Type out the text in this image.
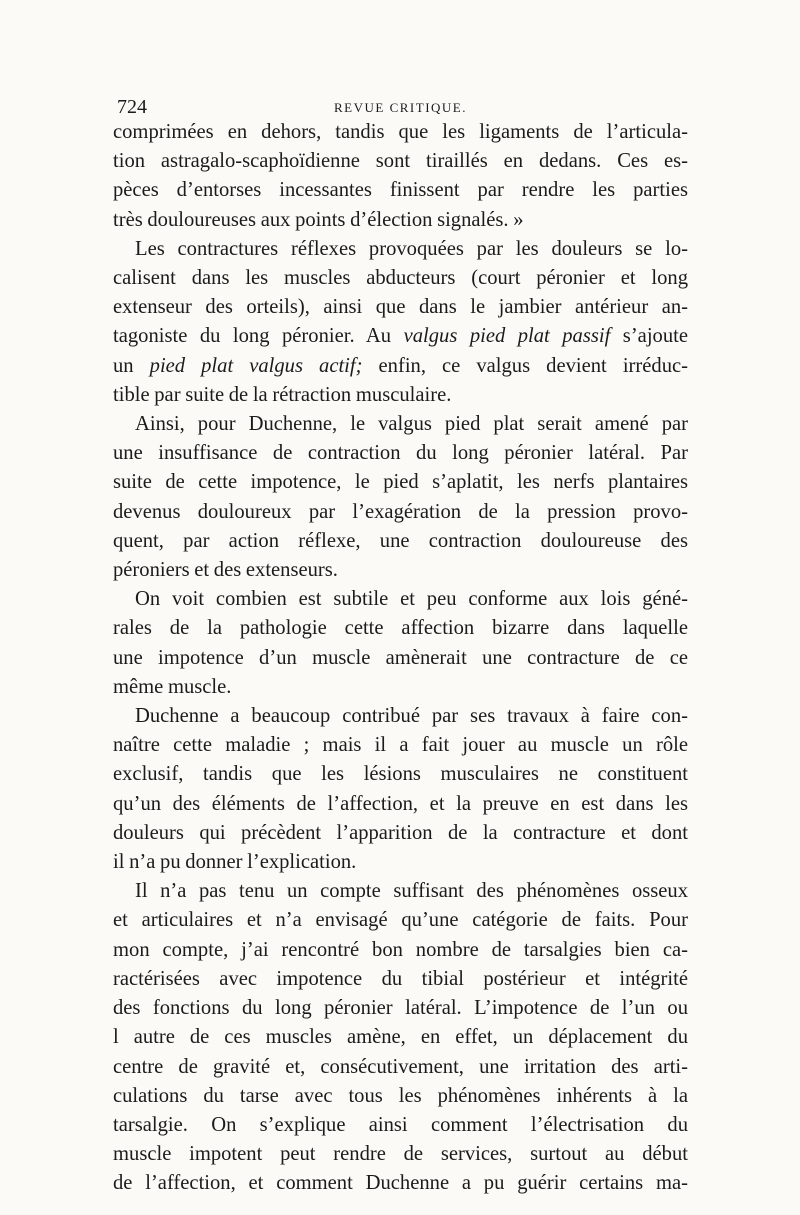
724	REVUE CRITIQUE.
comprimées en dehors, tandis que les ligaments de l’articula-
tion astragalo-scaphoïdienne sont tiraillés en dedans. Ces es-
pèces d’entorses incessantes finissent par rendre les parties
très douloureuses aux points d’élection signalés. »
Les contractures réflexes provoquées par les douleurs se lo-
calisent dans les muscles abducteurs (court péronier et long
extenseur des orteils), ainsi que dans le jambier antérieur an-
tagoniste du long péronier. Au valgus pied plat passif s’ajoute
un pied plat valgus actif; enfin, ce valgus devient irréduc-
tible par suite de la rétraction musculaire.
Ainsi, pour Duchenne, le valgus pied plat serait amené par
une insuffisance de contraction du long péronier latéral. Par
suite de cette impotence, le pied s’aplatit, les nerfs plantaires
devenus douloureux par l’exagération de la pression provo-
quent, par action réflexe, une contraction douloureuse des
péroniers et des extenseurs.
On voit combien est subtile et peu conforme aux lois géné-
rales de la pathologie cette affection bizarre dans laquelle
une impotence d’un muscle amènerait une contracture de ce
même muscle.
Duchenne a beaucoup contribué par ses travaux à faire con-
naître cette maladie ; mais il a fait jouer au muscle un rôle
exclusif, tandis que les lésions musculaires ne constituent
qu’un des éléments de l’affection, et la preuve en est dans les
douleurs qui précèdent l’apparition de la contracture et dont
il n’a pu donner l’explication.
Il n’a pas tenu un compte suffisant des phénomènes osseux
et articulaires et n’a envisagé qu’une catégorie de faits. Pour
mon compte, j’ai rencontré bon nombre de tarsalgies bien ca-
ractérisées avec impotence du tibial postérieur et intégrité
des fonctions du long péronier latéral. L’impotence de l’un ou
l autre de ces muscles amène, en effet, un déplacement du
centre de gravité et, consécutivement, une irritation des arti-
culations du tarse avec tous les phénomènes inhérents à la
tarsalgie. On s’explique ainsi comment l’électrisation du
muscle impotent peut rendre de services, surtout au début
de l’affection, et comment Duchenne a pu guérir certains ma-
